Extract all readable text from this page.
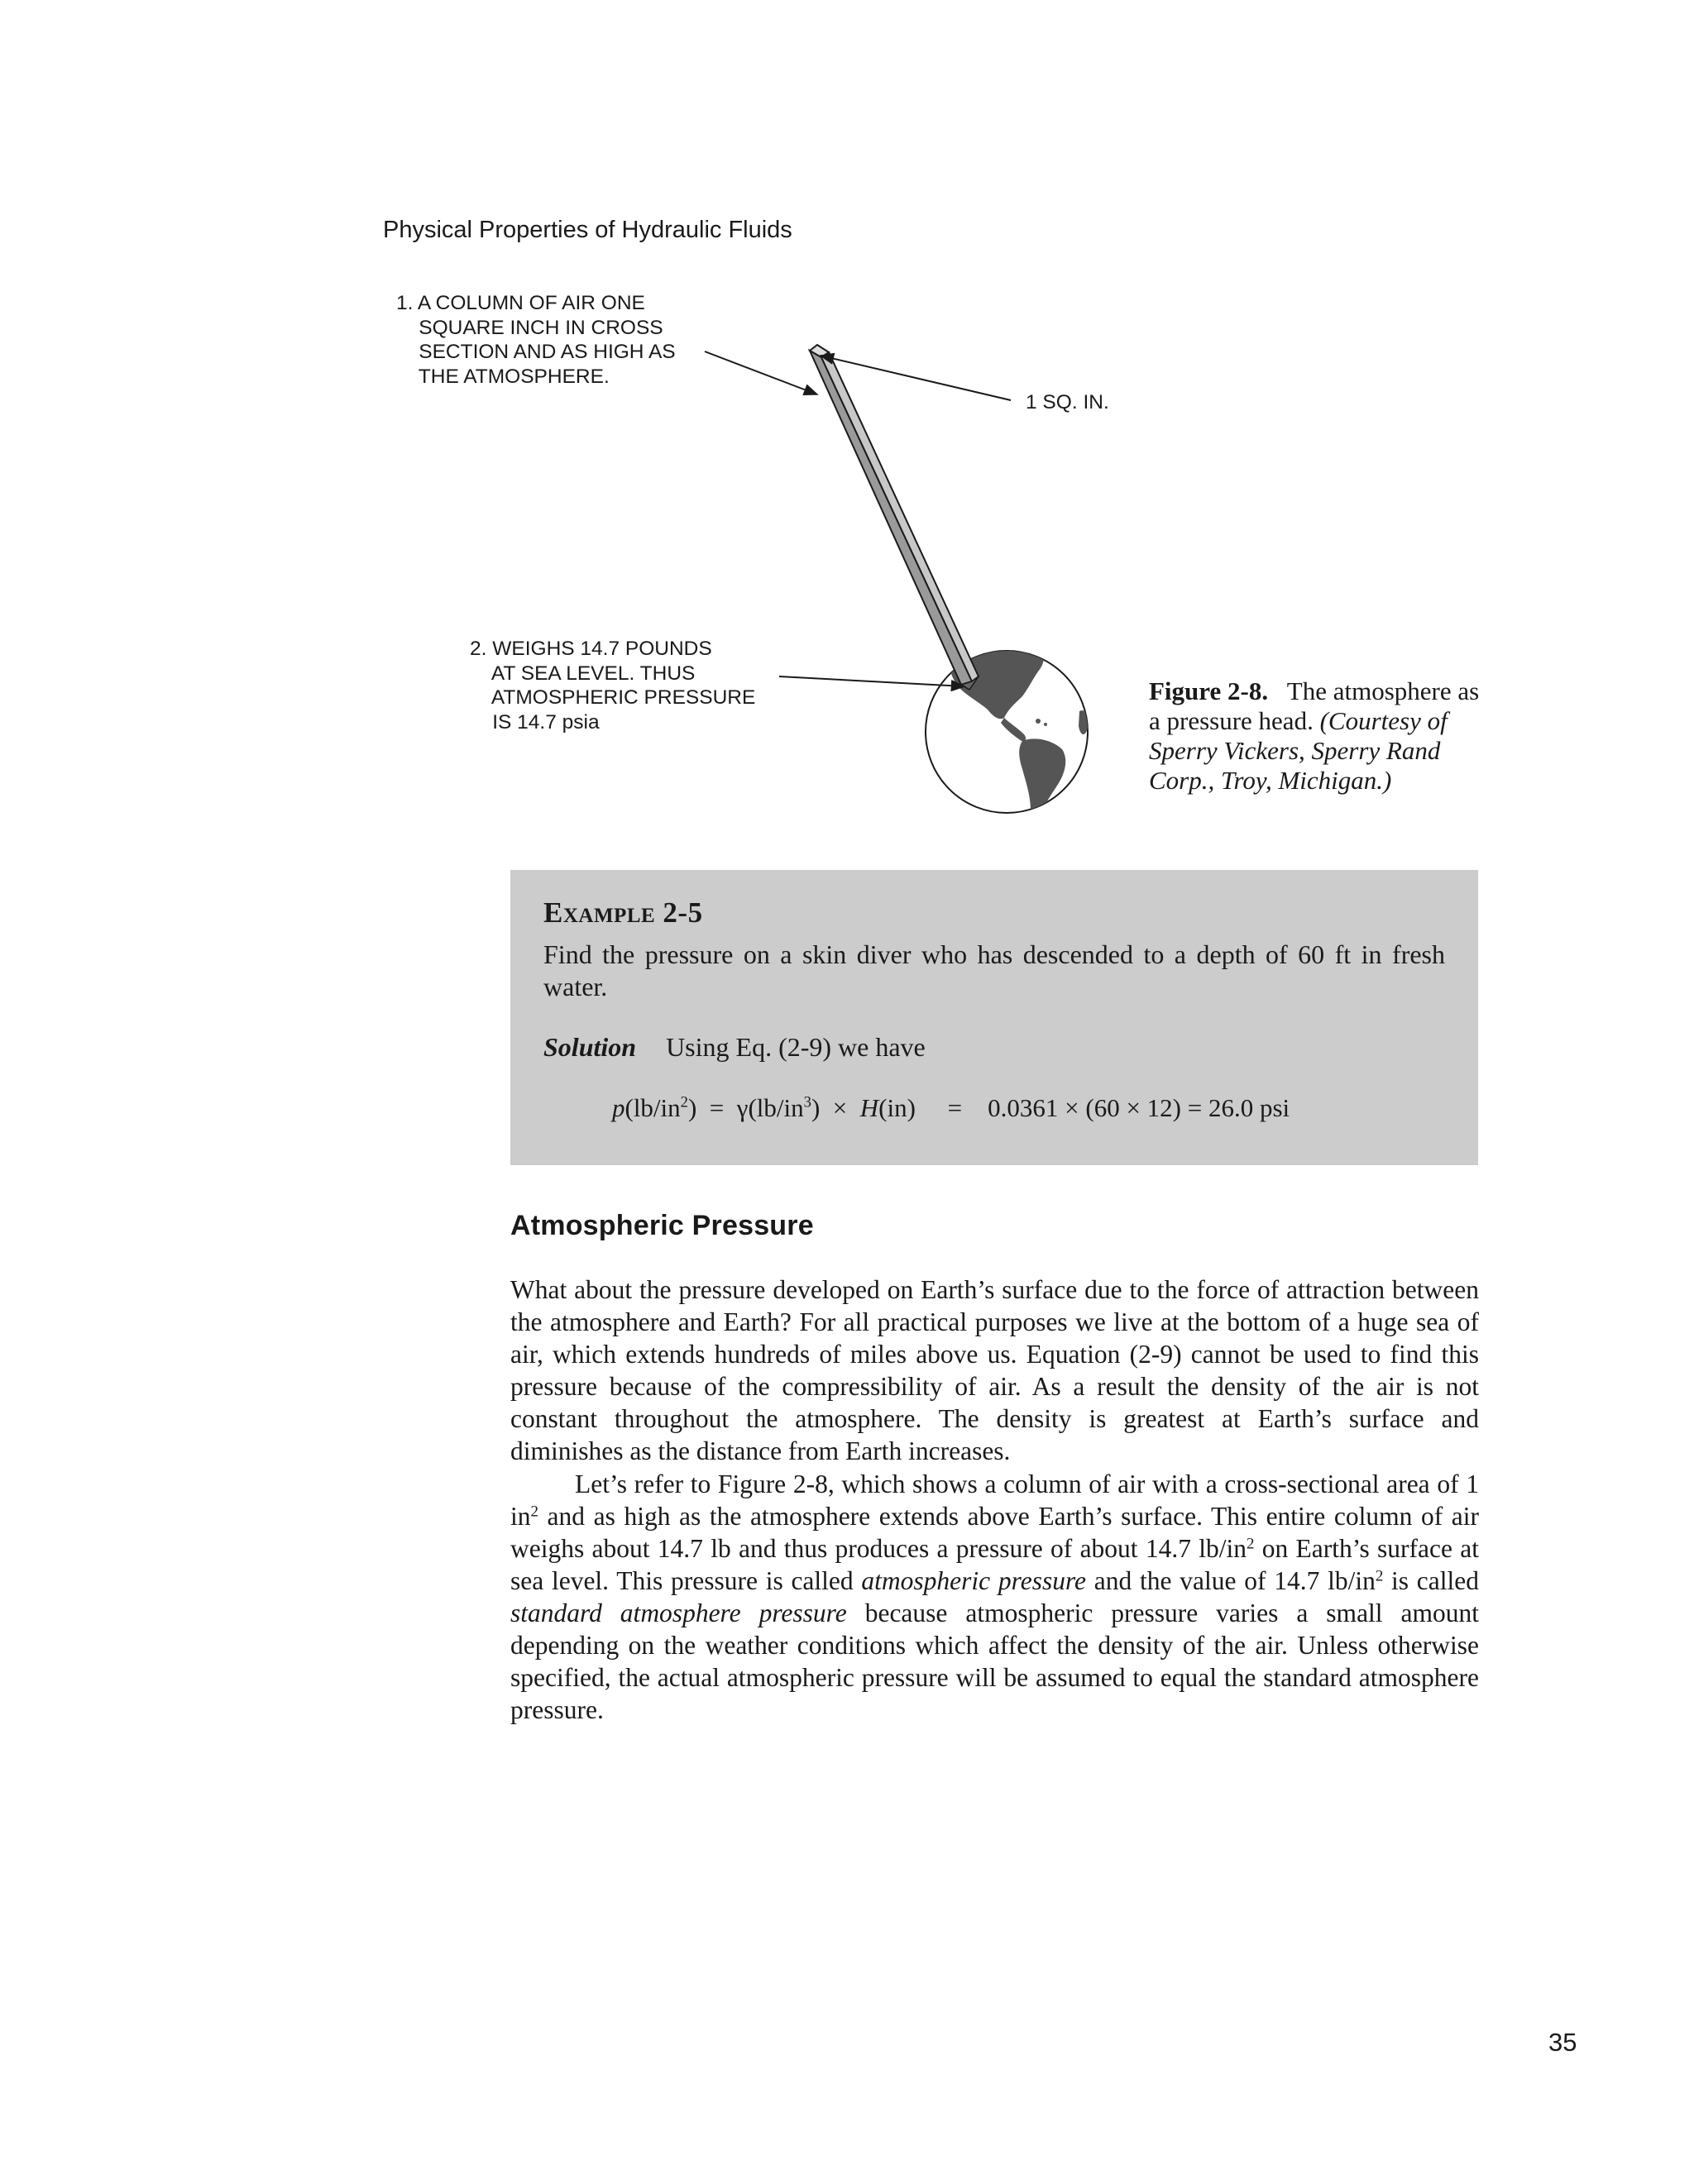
Physical Properties of Hydraulic Fluids
1. A COLUMN OF AIR ONE
SQUARE INCH IN CROSS
SECTION AND AS HIGH AS
THE ATMOSPHERE.
2. WEIGHS 14.7 POUNDS
AT SEA LEVEL. THUS
ATMOSPHERIC PRESSURE
IS 14.7 psia
1 SQ. IN.
Figure 2-8. The atmosphere as a pressure head. (Courtesy of Sperry Vickers, Sperry Rand Corp., Troy, Michigan.)
Example 2-5
Find the pressure on a skin diver who has descended to a depth of 60 ft in fresh water.
Solution Using Eq. (2-9) we have
$p(lb/in^2) = \gamma(lb/in^3) \times H(in)$     =    0.0361 × (60 × 12) = 26.0 psi
Atmospheric Pressure

What about the pressure developed on Earth’s surface due to the force of attraction between the atmosphere and Earth? For all practical purposes we live at the bottom of a huge sea of air, which extends hundreds of miles above us. Equation (2-9) cannot be used to find this pressure because of the compressibility of air. As a result the density of the air is not constant throughout the atmosphere. The density is greatest at Earth’s surface and diminishes as the distance from Earth increases.

Let’s refer to Figure 2-8, which shows a column of air with a cross-sectional area of 1 $in^2$ and as high as the atmosphere extends above Earth’s surface. This entire column of air weighs about 14.7 lb and thus produces a pressure of about 14.7 $lb/in^2$ on Earth’s surface at sea level. This pressure is called atmospheric pressure and the value of 14.7 $lb/in^2$ is called standard atmosphere pressure because atmospheric pressure varies a small amount depending on the weather conditions which affect the density of the air. Unless otherwise specified, the actual atmospheric pressure will be assumed to equal the standard atmosphere pressure.

35
